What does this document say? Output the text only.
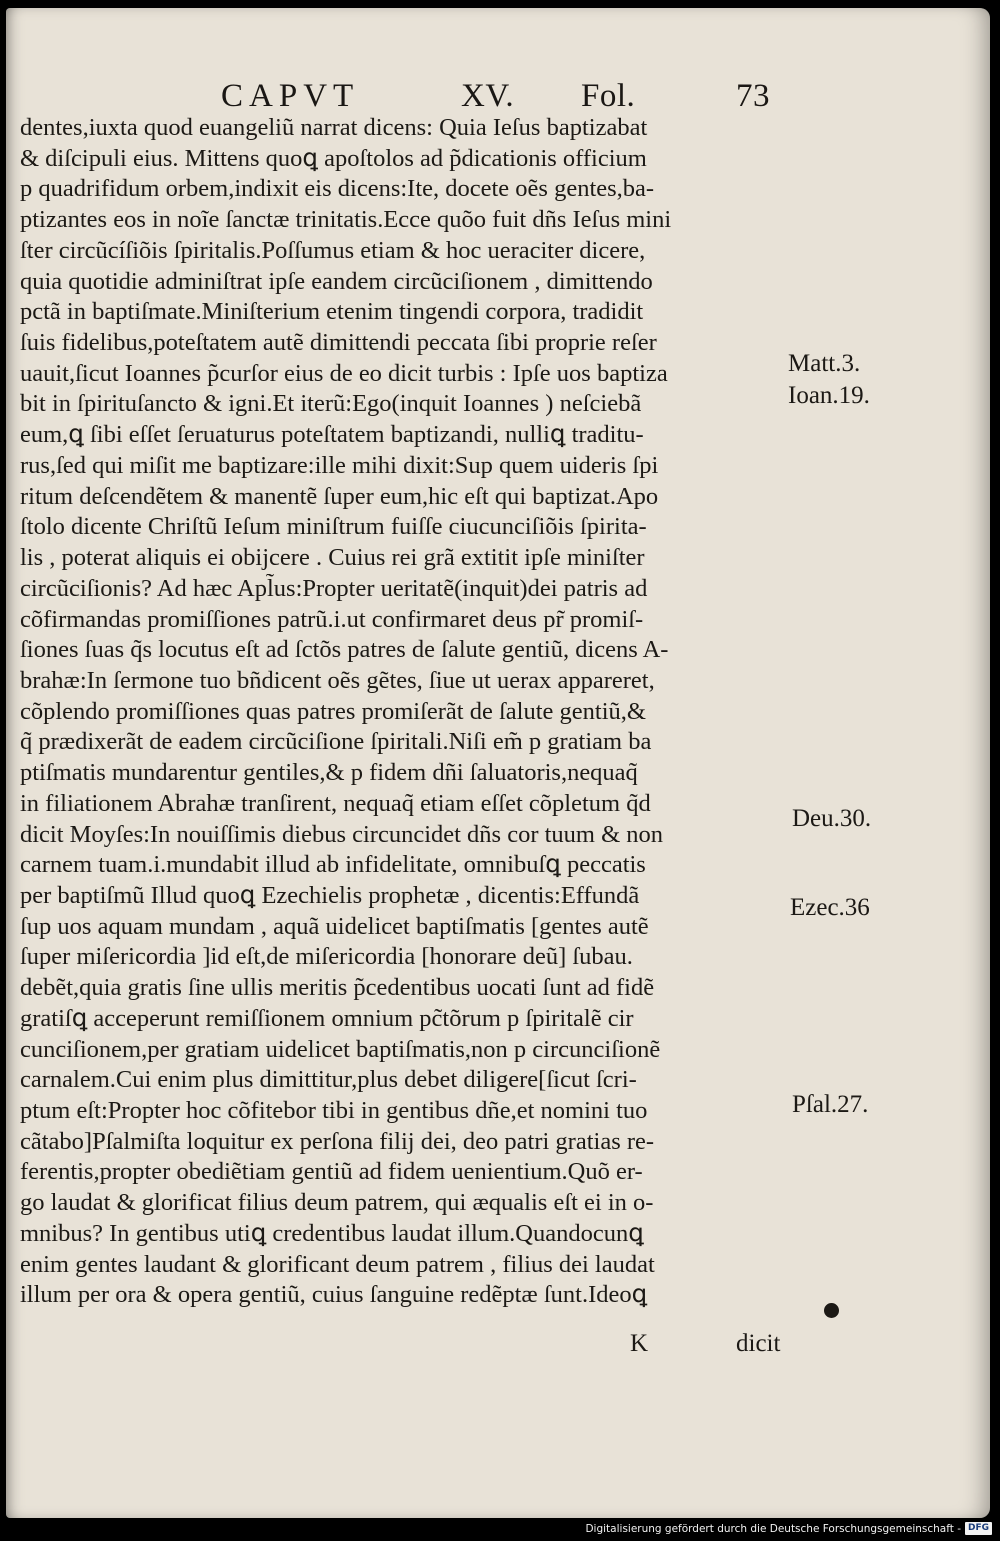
CAPVT	XV. Fol.	73
dentes,iuxta quod euangeliũ narrat dicens: Quia Ieſus baptizabat
& diſcipuli eius. Mittens quoꝗ apoſtolos ad p̃dicationis officium
p quadrifidum orbem,indixit eis dicens:Ite, docete oẽs gentes,ba-
ptizantes eos in noĩe ſanctæ trinitatis.Ecce quõo fuit dñs Ieſus mini
ſter circũcíſiõis ſpiritalis.Poſſumus etiam & hoc ueraciter dicere,
quia quotidie adminiſtrat ipſe eandem circũciſionem , dimittendo
pctã in baptiſmate.Miniſterium etenim tingendi corpora, tradidit
ſuis fidelibus,poteſtatem autẽ dimittendi peccata ſibi proprie reſer
uauit,ſicut Ioannes p̃curſor eius de eo dicit turbis : Ipſe uos baptiza
bit in ſpirituſancto & igni.Et iterũ:Ego(inquit Ioannes ) neſciebã
eum,ꝗ ſibi eſſet ſeruaturus poteſtatem baptizandi, nulliꝗ traditu-
rus,ſed qui miſit me baptizare:ille mihi dixit:Sup quem uideris ſpi
ritum deſcendẽtem & manentẽ ſuper eum,hic eſt qui baptizat.Apo
ſtolo dicente Chriſtũ Ieſum miniſtrum fuiſſe ciucunciſiõis ſpirita-
lis , poterat aliquis ei obijcere . Cuius rei grã extitit ipſe miniſter
circũciſionis? Ad hæc Apl̃us:Propter ueritatẽ(inquit)dei patris ad
cõfirmandas promiſſiones patrũ.i.ut confirmaret deus pr̃ promiſ-
ſiones ſuas q̃s locutus eſt ad ſctõs patres de ſalute gentiũ, dicens A-
brahæ:In ſermone tuo bñdicent oẽs gẽtes, ſiue ut uerax appareret,
cõplendo promiſſiones quas patres promiſerãt de ſalute gentiũ,&
q̃ prædixerãt de eadem circũciſione ſpiritali.Niſi em̃ p gratiam ba
ptiſmatis mundarentur gentiles,& p fidem dñi ſaluatoris,nequaq̃
in filiationem Abrahæ tranſirent, nequaq̃ etiam eſſet cõpletum q̃d
dicit Moyſes:In nouiſſimis diebus circuncidet dñs cor tuum & non
carnem tuam.i.mundabit illud ab infidelitate, omnibuſꝗ peccatis
per baptiſmũ Illud quoꝗ Ezechielis prophetæ , dicentis:Effundã
ſup uos aquam mundam , aquã uidelicet baptiſmatis [gentes autẽ
ſuper miſericordia ]id eſt,de miſericordia [honorare deũ] ſubau.
debẽt,quia gratis ſine ullis meritis p̃cedentibus uocati ſunt ad fidẽ
gratiſꝗ acceperunt remiſſionem omnium pc̃tõrum p ſpiritalẽ cir
cunciſionem,per gratiam uidelicet baptiſmatis,non p circunciſionẽ
carnalem.Cui enim plus dimittitur,plus debet diligere[ſicut ſcri-
ptum eſt:Propter hoc cõfitebor tibi in gentibus dñe,et nomini tuo
cãtabo]Pſalmiſta loquitur ex perſona filij dei, deo patri gratias re-
ferentis,propter obediẽtiam gentiũ ad fidem uenientium.Quõ er-
go laudat & glorificat filius deum patrem, qui æqualis eſt ei in o-
mnibus? In gentibus utiꝗ credentibus laudat illum.Quandocunꝗ
enim gentes laudant & glorificant deum patrem , filius dei laudat
illum per ora & opera gentiũ, cuius ſanguine redẽptæ ſunt.Ideoꝗ
Matt.3.
Ioan.19.
Deu.30.
Ezec.36
Pſal.27.
K	dicit
Digitalisierung gefördert durch die Deutsche Forschungsgemeinschaft - DFG
